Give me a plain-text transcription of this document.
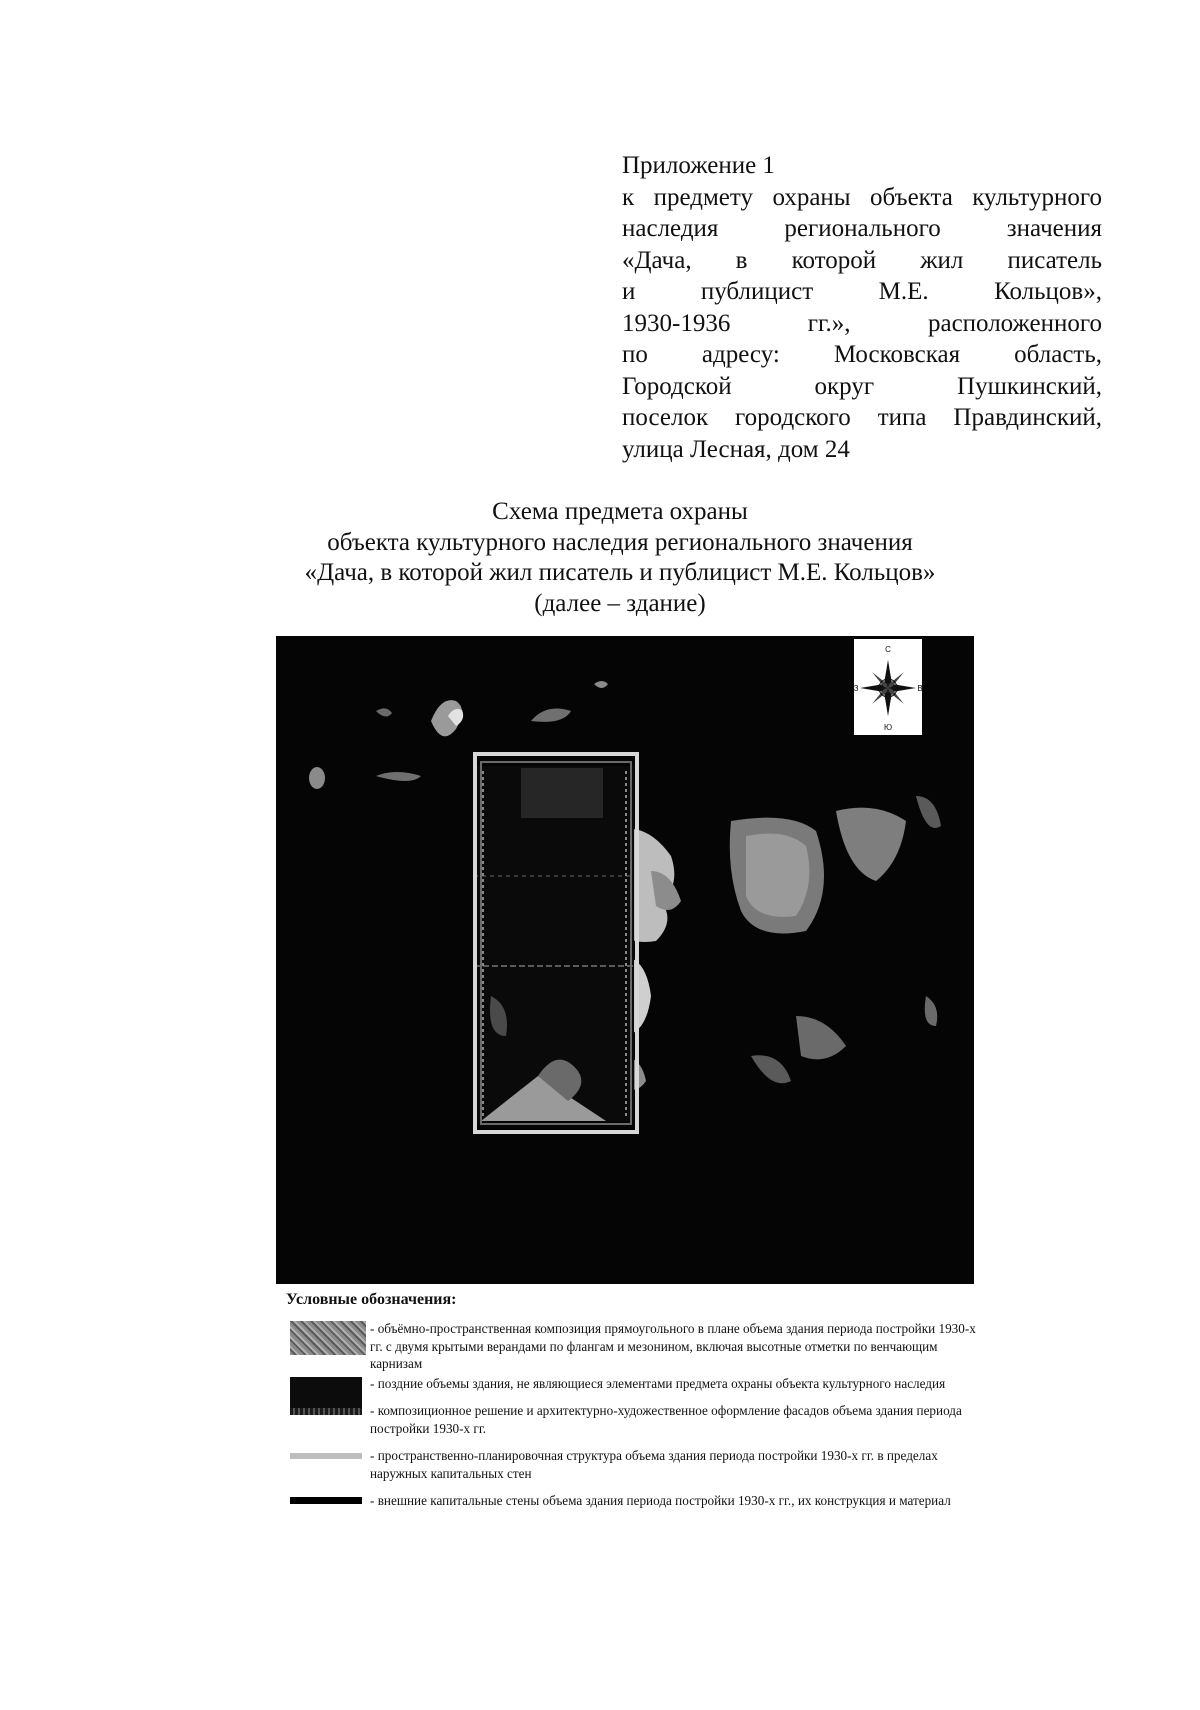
Приложение 1
к предмету охраны объекта культурного
наследия регионального значения
«Дача, в которой жил писатель
и публицист М.Е. Кольцов»,
1930-1936 гг.», расположенного
по адресу: Московская область,
Городской округ Пушкинский,
поселок городского типа Правдинский,
улица Лесная, дом 24
Схема предмета охраны
объекта культурного наследия регионального значения
«Дача, в которой жил писатель и публицист М.Е. Кольцов»
(далее – здание)
С
Ю
В
З
Условные обозначения:
- объёмно-пространственная композиция прямоугольного в плане объема здания периода постройки 1930-х гг. с двумя крытыми верандами по флангам и мезонином, включая высотные отметки по венчающим карнизам
- поздние объемы здания, не являющиеся элементами предмета охраны объекта культурного наследия
- композиционное решение и архитектурно-художественное оформление фасадов объема здания периода постройки 1930-х гг.
- пространственно-планировочная структура объема здания периода постройки 1930-х гг. в пределах наружных капитальных стен
- внешние капитальные стены объема здания периода постройки 1930-х гг., их конструкция и материал
